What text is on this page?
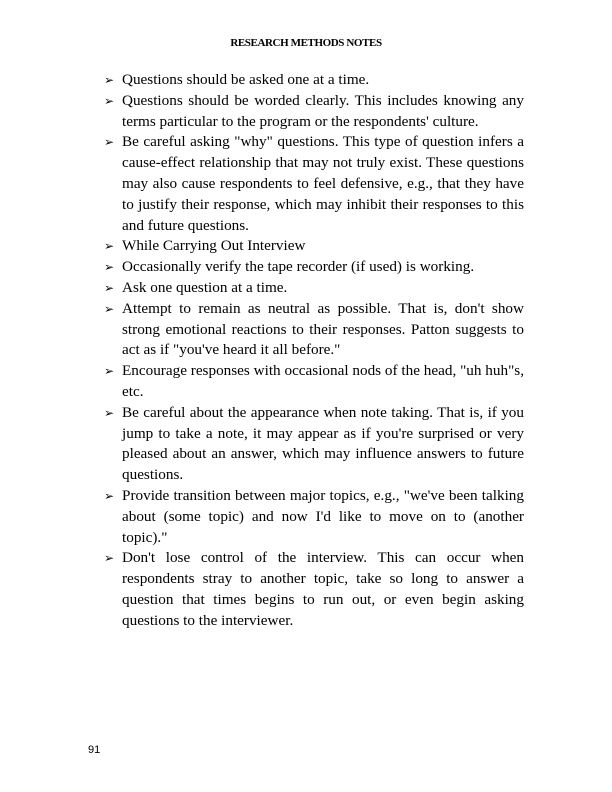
RESEARCH METHODS NOTES
➢ Questions should be asked one at a time.
➢ Questions should be worded clearly. This includes knowing any terms particular to the program or the respondents' culture.
➢ Be careful asking "why" questions. This type of question infers a cause-effect relationship that may not truly exist. These questions may also cause respondents to feel defensive, e.g., that they have to justify their response, which may inhibit their responses to this and future questions.
➢ While Carrying Out Interview
➢ Occasionally verify the tape recorder (if used) is working.
➢ Ask one question at a time.
➢ Attempt to remain as neutral as possible. That is, don't show strong emotional reactions to their responses. Patton suggests to act as if "you've heard it all before."
➢ Encourage responses with occasional nods of the head, "uh huh"s, etc.
➢ Be careful about the appearance when note taking. That is, if you jump to take a note, it may appear as if you're surprised or very pleased about an answer, which may influence answers to future questions.
➢ Provide transition between major topics, e.g., "we've been talking about (some topic) and now I'd like to move on to (another topic)."
➢ Don't lose control of the interview. This can occur when respondents stray to another topic, take so long to answer a question that times begins to run out, or even begin asking questions to the interviewer.
91
